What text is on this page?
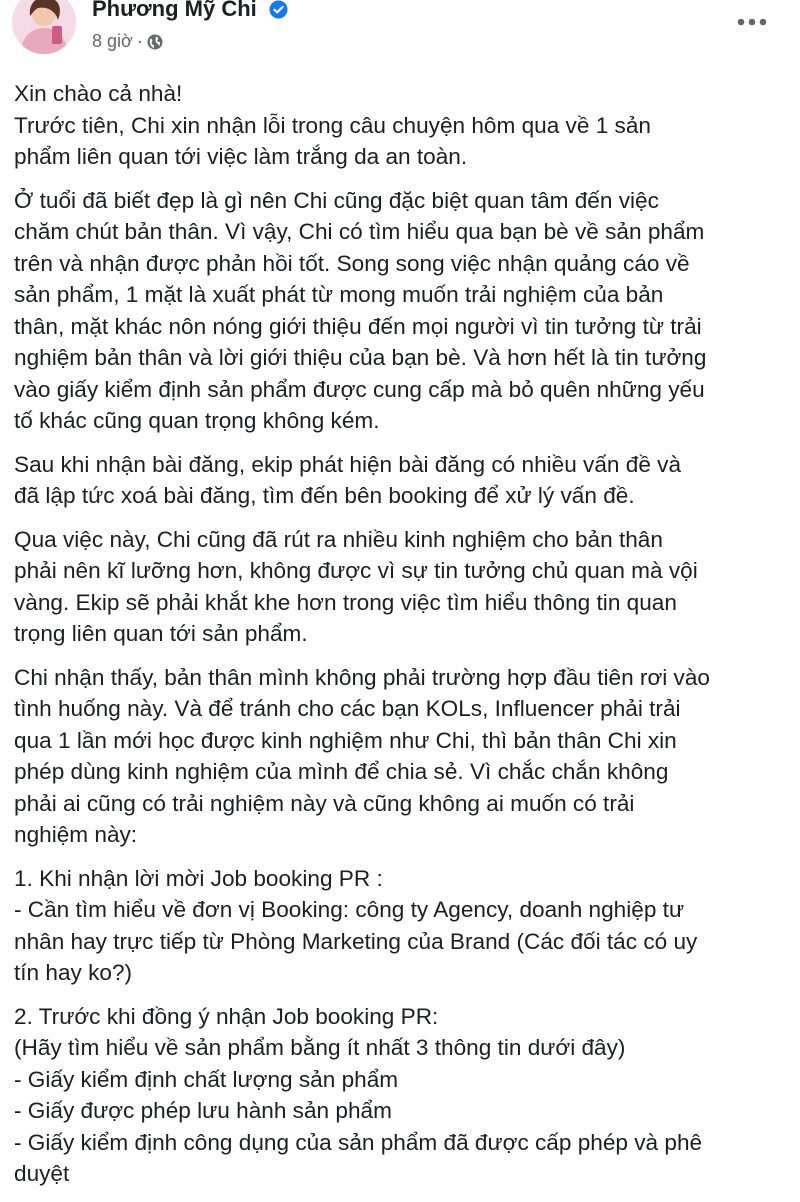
Phương Mỹ Chi
8 giờ ·

Xin chào cả nhà!
Trước tiên, Chi xin nhận lỗi trong câu chuyện hôm qua về 1 sản
phẩm liên quan tới việc làm trắng da an toàn.

Ở tuổi đã biết đẹp là gì nên Chi cũng đặc biệt quan tâm đến việc
chăm chút bản thân. Vì vậy, Chi có tìm hiểu qua bạn bè về sản phẩm
trên và nhận được phản hồi tốt. Song song việc nhận quảng cáo về
sản phẩm, 1 mặt là xuất phát từ mong muốn trải nghiệm của bản
thân, mặt khác nôn nóng giới thiệu đến mọi người vì tin tưởng từ trải
nghiệm bản thân và lời giới thiệu của bạn bè. Và hơn hết là tin tưởng
vào giấy kiểm định sản phẩm được cung cấp mà bỏ quên những yếu
tố khác cũng quan trọng không kém.

Sau khi nhận bài đăng, ekip phát hiện bài đăng có nhiều vấn đề và
đã lập tức xoá bài đăng, tìm đến bên booking để xử lý vấn đề.

Qua việc này, Chi cũng đã rút ra nhiều kinh nghiệm cho bản thân
phải nên kĩ lưỡng hơn, không được vì sự tin tưởng chủ quan mà vội
vàng. Ekip sẽ phải khắt khe hơn trong việc tìm hiểu thông tin quan
trọng liên quan tới sản phẩm.

Chi nhận thấy, bản thân mình không phải trường hợp đầu tiên rơi vào
tình huống này. Và để tránh cho các bạn KOLs, Influencer phải trải
qua 1 lần mới học được kinh nghiệm như Chi, thì bản thân Chi xin
phép dùng kinh nghiệm của mình để chia sẻ. Vì chắc chắn không
phải ai cũng có trải nghiệm này và cũng không ai muốn có trải
nghiệm này:

1. Khi nhận lời mời Job booking PR :
- Cần tìm hiểu về đơn vị Booking: công ty Agency, doanh nghiệp tư
nhân hay trực tiếp từ Phòng Marketing của Brand (Các đối tác có uy
tín hay ko?)

2. Trước khi đồng ý nhận Job booking PR:
(Hãy tìm hiểu về sản phẩm bằng ít nhất 3 thông tin dưới đây)
- Giấy kiểm định chất lượng sản phẩm
- Giấy được phép lưu hành sản phẩm
- Giấy kiểm định công dụng của sản phẩm đã được cấp phép và phê
duyệt
